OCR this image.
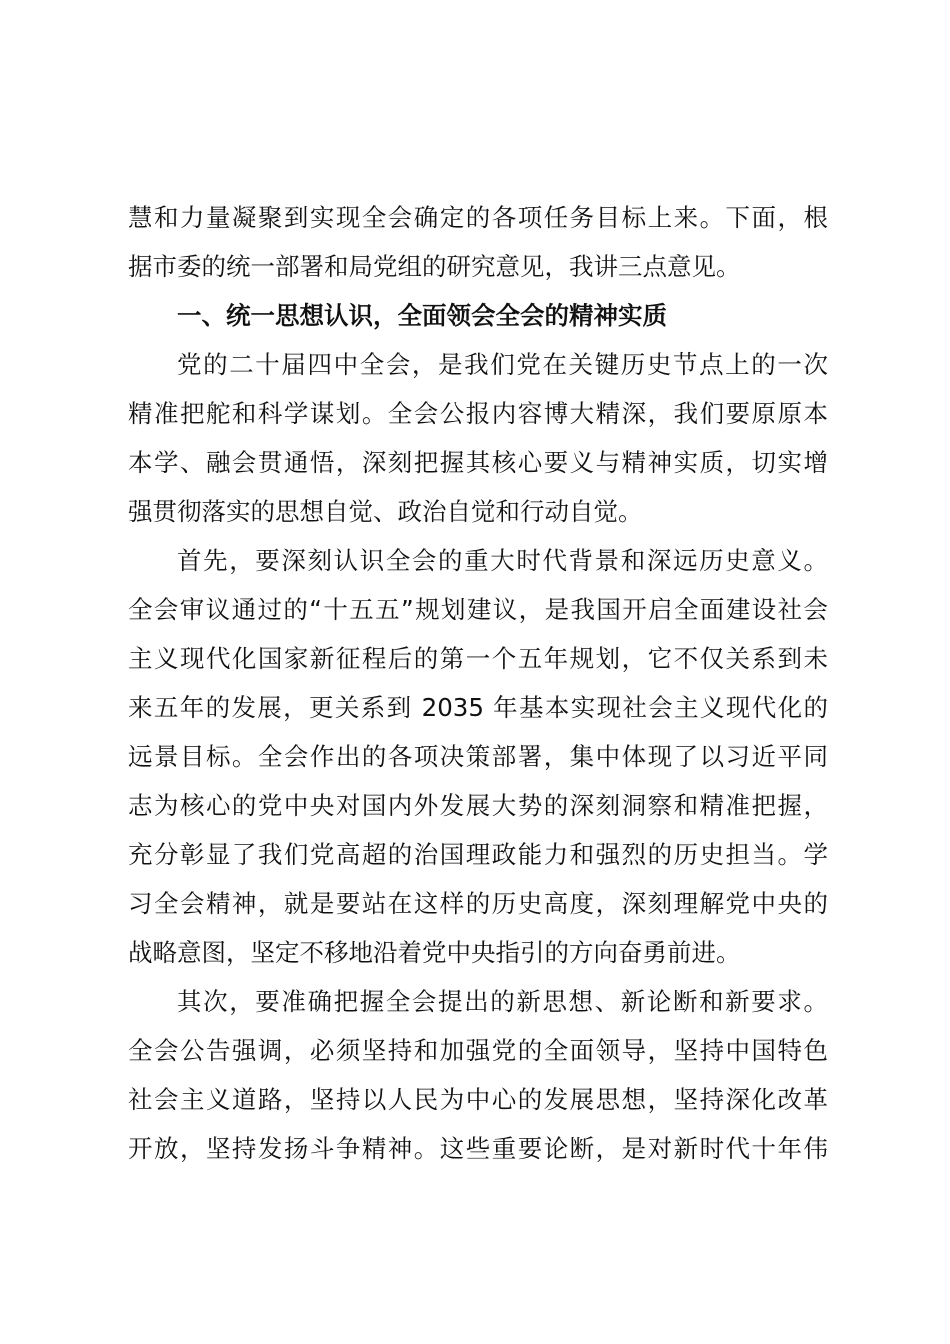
慧和力量凝聚到实现全会确定的各项任务目标上来。下面，根
据市委的统一部署和局党组的研究意见，我讲三点意见。
一、统一思想认识，全面领会全会的精神实质
党的二十届四中全会，是我们党在关键历史节点上的一次
精准把舵和科学谋划。全会公报内容博大精深，我们要原原本
本学、融会贯通悟，深刻把握其核心要义与精神实质，切实增
强贯彻落实的思想自觉、政治自觉和行动自觉。
首先，要深刻认识全会的重大时代背景和深远历史意义。
全会审议通过的“十五五”规划建议，是我国开启全面建设社会
主义现代化国家新征程后的第一个五年规划，它不仅关系到未
来五年的发展，更关系到 2035 年基本实现社会主义现代化的
远景目标。全会作出的各项决策部署，集中体现了以习近平同
志为核心的党中央对国内外发展大势的深刻洞察和精准把握，
充分彰显了我们党高超的治国理政能力和强烈的历史担当。学
习全会精神，就是要站在这样的历史高度，深刻理解党中央的
战略意图，坚定不移地沿着党中央指引的方向奋勇前进。
其次，要准确把握全会提出的新思想、新论断和新要求。
全会公告强调，必须坚持和加强党的全面领导，坚持中国特色
社会主义道路，坚持以人民为中心的发展思想，坚持深化改革
开放，坚持发扬斗争精神。这些重要论断，是对新时代十年伟
